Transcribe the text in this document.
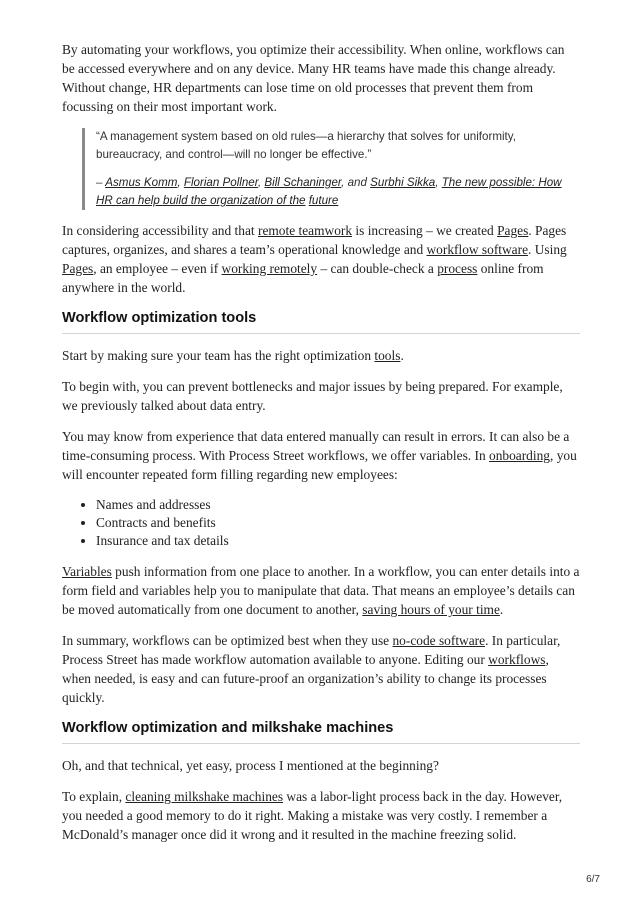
By automating your workflows, you optimize their accessibility. When online, workflows can be accessed everywhere and on any device. Many HR teams have made this change already. Without change, HR departments can lose time on old processes that prevent them from focussing on their most important work.

“A management system based on old rules—a hierarchy that solves for uniformity, bureaucracy, and control—will no longer be effective.”

– Asmus Komm, Florian Pollner, Bill Schaninger, and Surbhi Sikka, The new possible: How HR can help build the organization of the future

In considering accessibility and that remote teamwork is increasing – we created Pages. Pages captures, organizes, and shares a team’s operational knowledge and workflow software. Using Pages, an employee – even if working remotely – can double-check a process online from anywhere in the world.

Workflow optimization tools

Start by making sure your team has the right optimization tools.

To begin with, you can prevent bottlenecks and major issues by being prepared. For example, we previously talked about data entry.

You may know from experience that data entered manually can result in errors. It can also be a time-consuming process. With Process Street workflows, we offer variables. In onboarding, you will encounter repeated form filling regarding new employees:

• Names and addresses
• Contracts and benefits
• Insurance and tax details

Variables push information from one place to another. In a workflow, you can enter details into a form field and variables help you to manipulate that data. That means an employee’s details can be moved automatically from one document to another, saving hours of your time.

In summary, workflows can be optimized best when they use no-code software. In particular, Process Street has made workflow automation available to anyone. Editing our workflows, when needed, is easy and can future-proof an organization’s ability to change its processes quickly.

Workflow optimization and milkshake machines

Oh, and that technical, yet easy, process I mentioned at the beginning?

To explain, cleaning milkshake machines was a labor-light process back in the day. However, you needed a good memory to do it right. Making a mistake was very costly. I remember a McDonald’s manager once did it wrong and it resulted in the machine freezing solid.

6/7
